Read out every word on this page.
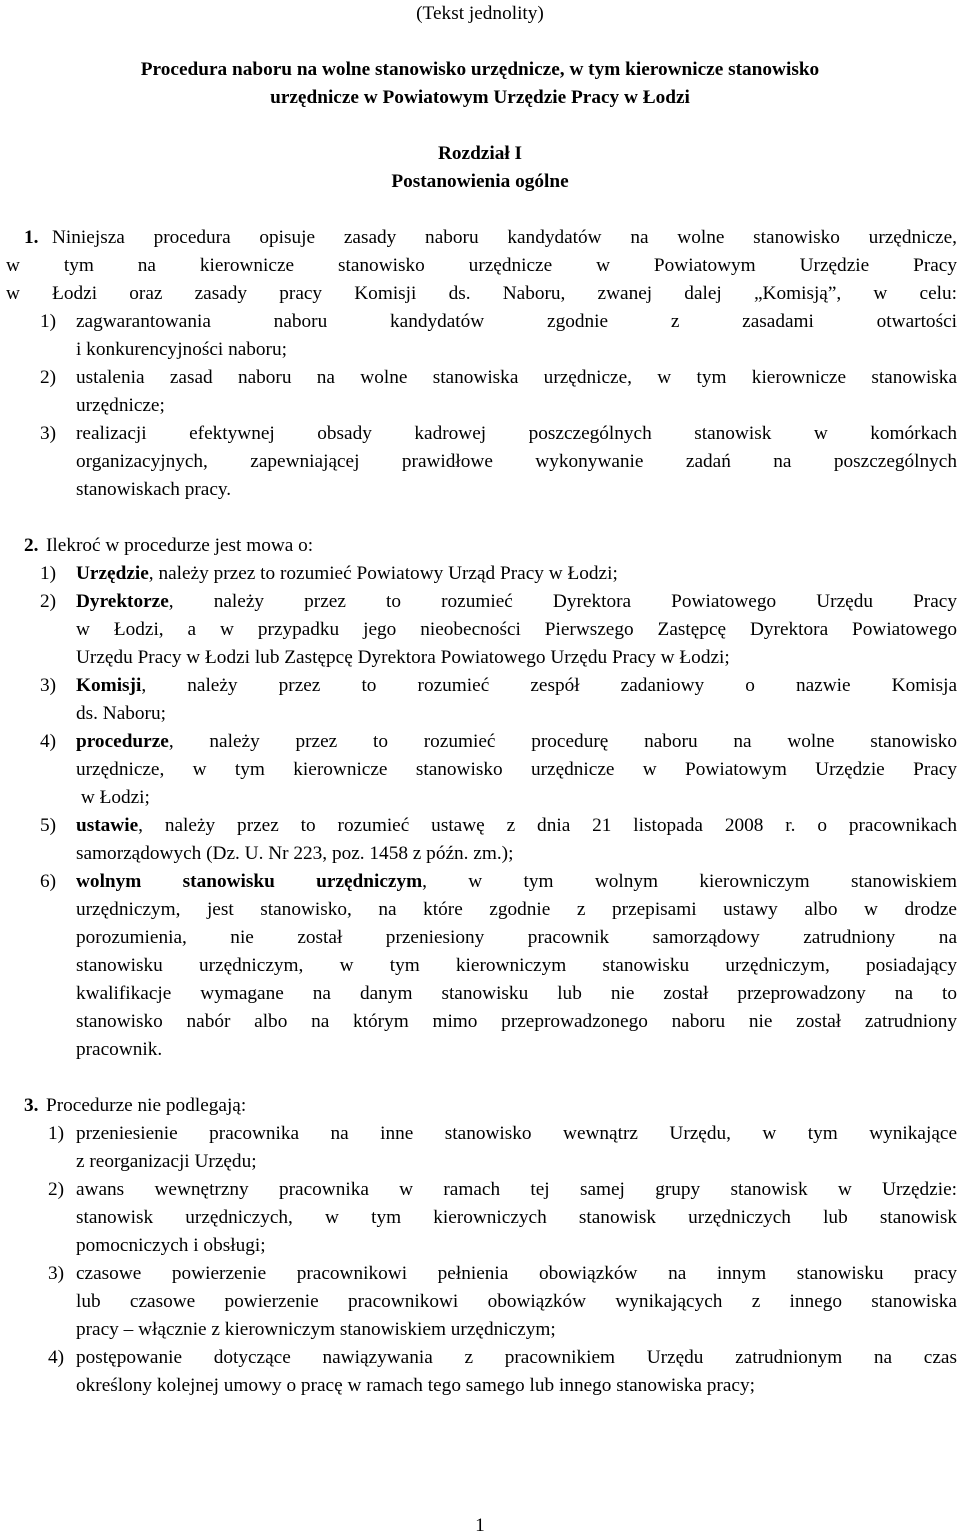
(Tekst jednolity)
Procedura naboru na wolne stanowisko urzędnicze, w tym kierownicze stanowisko
urzędnicze w Powiatowym Urzędzie Pracy w Łodzi
Rozdział I
Postanowienia ogólne
1. Niniejsza procedura opisuje zasady naboru kandydatów na wolne stanowisko urzędnicze,
w tym na kierownicze stanowisko urzędnicze w Powiatowym Urzędzie Pracy
w Łodzi oraz zasady pracy Komisji ds. Naboru, zwanej dalej „Komisją”, w celu:
1)	zagwarantowania naboru kandydatów zgodnie z zasadami otwartości
i konkurencyjności naboru;
2)	ustalenia zasad naboru na wolne stanowiska urzędnicze, w tym kierownicze stanowiska
urzędnicze;
3)	realizacji efektywnej obsady kadrowej poszczególnych stanowisk w komórkach
organizacyjnych, zapewniającej prawidłowe wykonywanie zadań na poszczególnych
stanowiskach pracy.
2. Ilekroć w procedurze jest mowa o:
1)	Urzędzie, należy przez to rozumieć Powiatowy Urząd Pracy w Łodzi;
2)	Dyrektorze, należy przez to rozumieć Dyrektora Powiatowego Urzędu Pracy
w Łodzi, a w przypadku jego nieobecności Pierwszego Zastępcę Dyrektora Powiatowego
Urzędu Pracy w Łodzi lub Zastępcę Dyrektora Powiatowego Urzędu Pracy w Łodzi;
3)	Komisji, należy przez to rozumieć zespół zadaniowy o nazwie Komisja
ds. Naboru;
4)	procedurze, należy przez to rozumieć procedurę naboru na wolne stanowisko
urzędnicze, w tym kierownicze stanowisko urzędnicze w Powiatowym Urzędzie Pracy
w Łodzi;
5)	ustawie, należy przez to rozumieć ustawę z dnia 21 listopada 2008 r. o pracownikach
samorządowych (Dz. U. Nr 223, poz. 1458 z późn. zm.);
6)	wolnym stanowisku urzędniczym, w tym wolnym kierowniczym stanowiskiem
urzędniczym, jest stanowisko, na które zgodnie z przepisami ustawy albo w drodze
porozumienia, nie został przeniesiony pracownik samorządowy zatrudniony na
stanowisku urzędniczym, w tym kierowniczym stanowisku urzędniczym, posiadający
kwalifikacje wymagane na danym stanowisku lub nie został przeprowadzony na to
stanowisko nabór albo na którym mimo przeprowadzonego naboru nie został zatrudniony
pracownik.
3. Procedurze nie podlegają:
1) przeniesienie pracownika na inne stanowisko wewnątrz Urzędu, w tym wynikające
z reorganizacji Urzędu;
2) awans wewnętrzny pracownika w ramach tej samej grupy stanowisk w Urzędzie:
stanowisk urzędniczych, w tym kierowniczych stanowisk urzędniczych lub stanowisk
pomocniczych i obsługi;
3) czasowe powierzenie pracownikowi pełnienia obowiązków na innym stanowisku pracy
lub czasowe powierzenie pracownikowi obowiązków wynikających z innego stanowiska
pracy – włącznie z kierowniczym stanowiskiem urzędniczym;
4) postępowanie dotyczące nawiązywania z pracownikiem Urzędu zatrudnionym na czas
określony kolejnej umowy o pracę w ramach tego samego lub innego stanowiska pracy;
1
